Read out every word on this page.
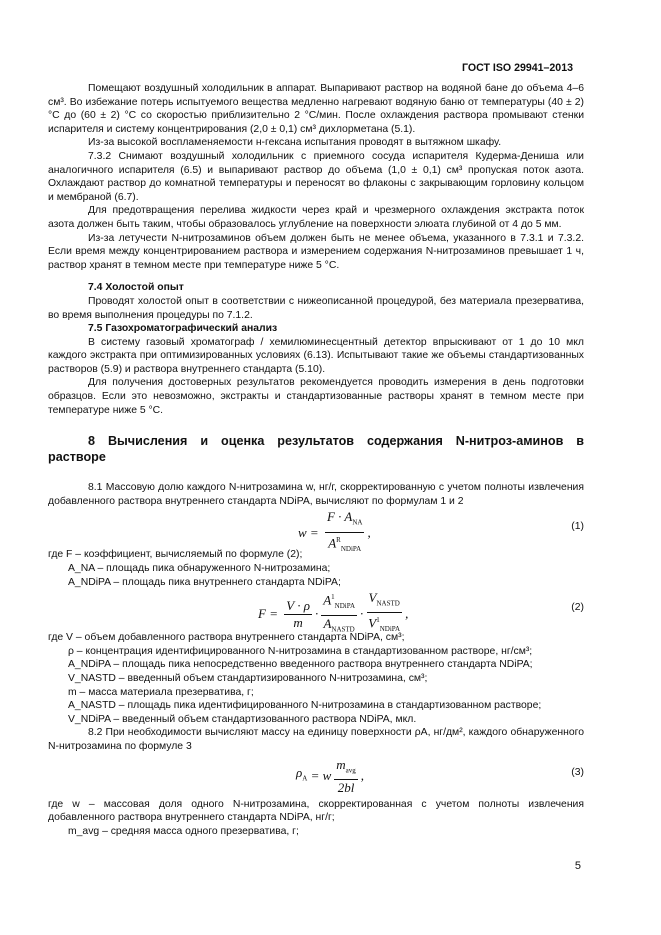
ГОСТ ISO 29941–2013

Помещают воздушный холодильник в аппарат. Выпаривают раствор на водяной бане до объема 4–6 см³. Во избежание потерь испытуемого вещества медленно нагревают водяную баню от температуры (40 ± 2) °С до (60 ± 2) °С со скоростью приблизительно 2 °С/мин. После охлаждения раствора промывают стенки испарителя и систему концентрирования (2,0 ± 0,1) см³ дихлорметана (5.1).

Из-за высокой воспламеняемости н-гексана испытания проводят в вытяжном шкафу.

7.3.2 Снимают воздушный холодильник с приемного сосуда испарителя Кудерма-Дениша или аналогичного испарителя (6.5) и выпаривают раствор до объема (1,0 ± 0,1) см³ пропуская поток азота. Охлаждают раствор до комнатной температуры и переносят во флаконы с закрывающим горловину кольцом и мембраной (6.7).

Для предотвращения перелива жидкости через край и чрезмерного охлаждения экстракта поток азота должен быть таким, чтобы образовалось углубление на поверхности элюата глубиной от 4 до 5 мм.

Из-за летучести N-нитрозаминов объем должен быть не менее объема, указанного в 7.3.1 и 7.3.2. Если время между концентрированием раствора и измерением содержания N-нитрозаминов превышает 1 ч, раствор хранят в темном месте при температуре ниже 5 °С.

7.4 Холостой опыт

Проводят холостой опыт в соответствии с нижеописанной процедурой, без материала презерватива, во время выполнения процедуры по 7.1.2.

7.5 Газохроматографический анализ

В систему газовый хроматограф / хемилюминесцентный детектор впрыскивают от 1 до 10 мкл каждого экстракта при оптимизированных условиях (6.13). Испытывают такие же объемы стандартизованных растворов (5.9) и раствора внутреннего стандарта (5.10).

Для получения достоверных результатов рекомендуется проводить измерения в день подготовки образцов. Если это невозможно, экстракты и стандартизованные растворы хранят в темном месте при температуре ниже 5 °С.

8 Вычисления и оценка результатов содержания N-нитроз-аминов в растворе

8.1 Массовую долю каждого N-нитрозамина w, нг/г, скорректированную с учетом полноты извлечения добавленного раствора внутреннего стандарта NDiPA, вычисляют по формулам 1 и 2

$w = \frac{F \cdot A_{NA}}{A^R_{NDiPA}}$ ,	(1)

где F – коэффициент, вычисляемый по формуле (2);

A_NA – площадь пика обнаруженного N-нитрозамина;

A_NDiPA – площадь пика внутреннего стандарта NDiPA;

$F = \frac{V \cdot \rho}{m} \cdot \frac{A^1_{NDiPA}}{A_{NASTD}} \cdot \frac{V_{NASTD}}{V^1_{NDiPA}}$ ,	(2)

где V – объем добавленного раствора внутреннего стандарта NDiPA, см³;

ρ – концентрация идентифицированного N-нитрозамина в стандартизованном растворе, нг/см³;

A_NDiPA – площадь пика непосредственно введенного раствора внутреннего стандарта NDiPA;

V_NASTD – введенный объем стандартизированного N-нитрозамина, см³;

m – масса материала презерватива, г;

A_NASTD – площадь пика идентифицированного N-нитрозамина в стандартизованном растворе;

V_NDiPA – введенный объем стандартизованного раствора NDiPA, мкл.

8.2 При необходимости вычисляют массу на единицу поверхности ρA, нг/дм², каждого обнаруженного N-нитрозамина по формуле 3

$\rho_A = w \frac{m_{avg}}{2bl}$ ,	(3)

где w – массовая доля одного N-нитрозамина, скорректированная с учетом полноты извлечения добавленного раствора внутреннего стандарта NDiPA, нг/г;

m_avg – средняя масса одного презерватива, г;

5
